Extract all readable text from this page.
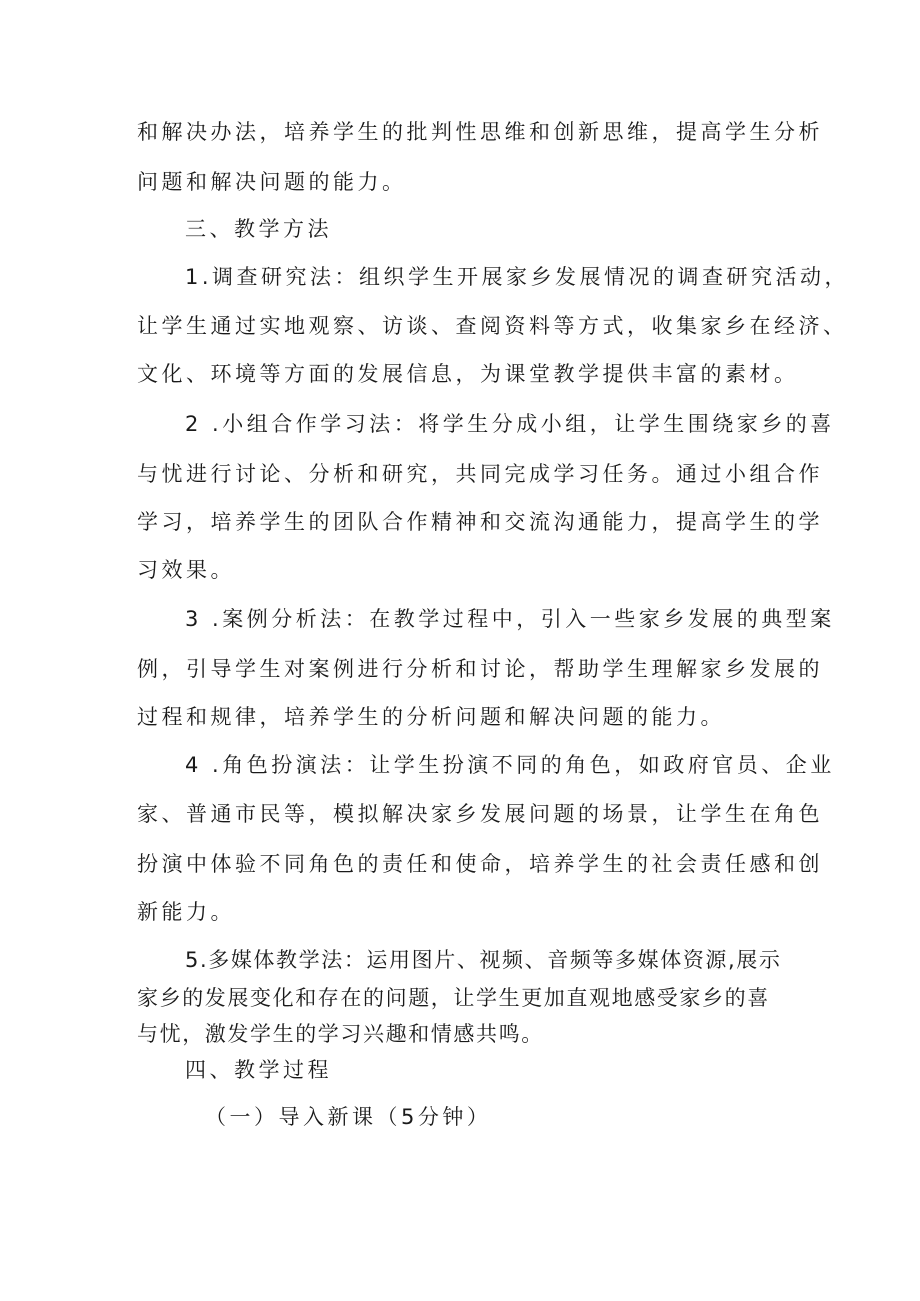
和解决办法，培养学生的批判性思维和创新思维，提高学生分析

问题和解决问题的能力。

三、教学方法

1.调查研究法：组织学生开展家乡发展情况的调查研究活动，

让学生通过实地观察、访谈、查阅资料等方式，收集家乡在经济、

文化、环境等方面的发展信息，为课堂教学提供丰富的素材。

2 .小组合作学习法：将学生分成小组，让学生围绕家乡的喜

与忧进行讨论、分析和研究，共同完成学习任务。通过小组合作

学习，培养学生的团队合作精神和交流沟通能力，提高学生的学

习效果。

3 .案例分析法：在教学过程中，引入一些家乡发展的典型案

例，引导学生对案例进行分析和讨论，帮助学生理解家乡发展的

过程和规律，培养学生的分析问题和解决问题的能力。

4 .角色扮演法：让学生扮演不同的角色，如政府官员、企业

家、普通市民等，模拟解决家乡发展问题的场景，让学生在角色

扮演中体验不同角色的责任和使命，培养学生的社会责任感和创

新能力。

5.多媒体教学法：运用图片、视频、音频等多媒体资源,展示

家乡的发展变化和存在的问题，让学生更加直观地感受家乡的喜

与忧，激发学生的学习兴趣和情感共鸣。

四、教学过程

（一）导入新课（5分钟）
